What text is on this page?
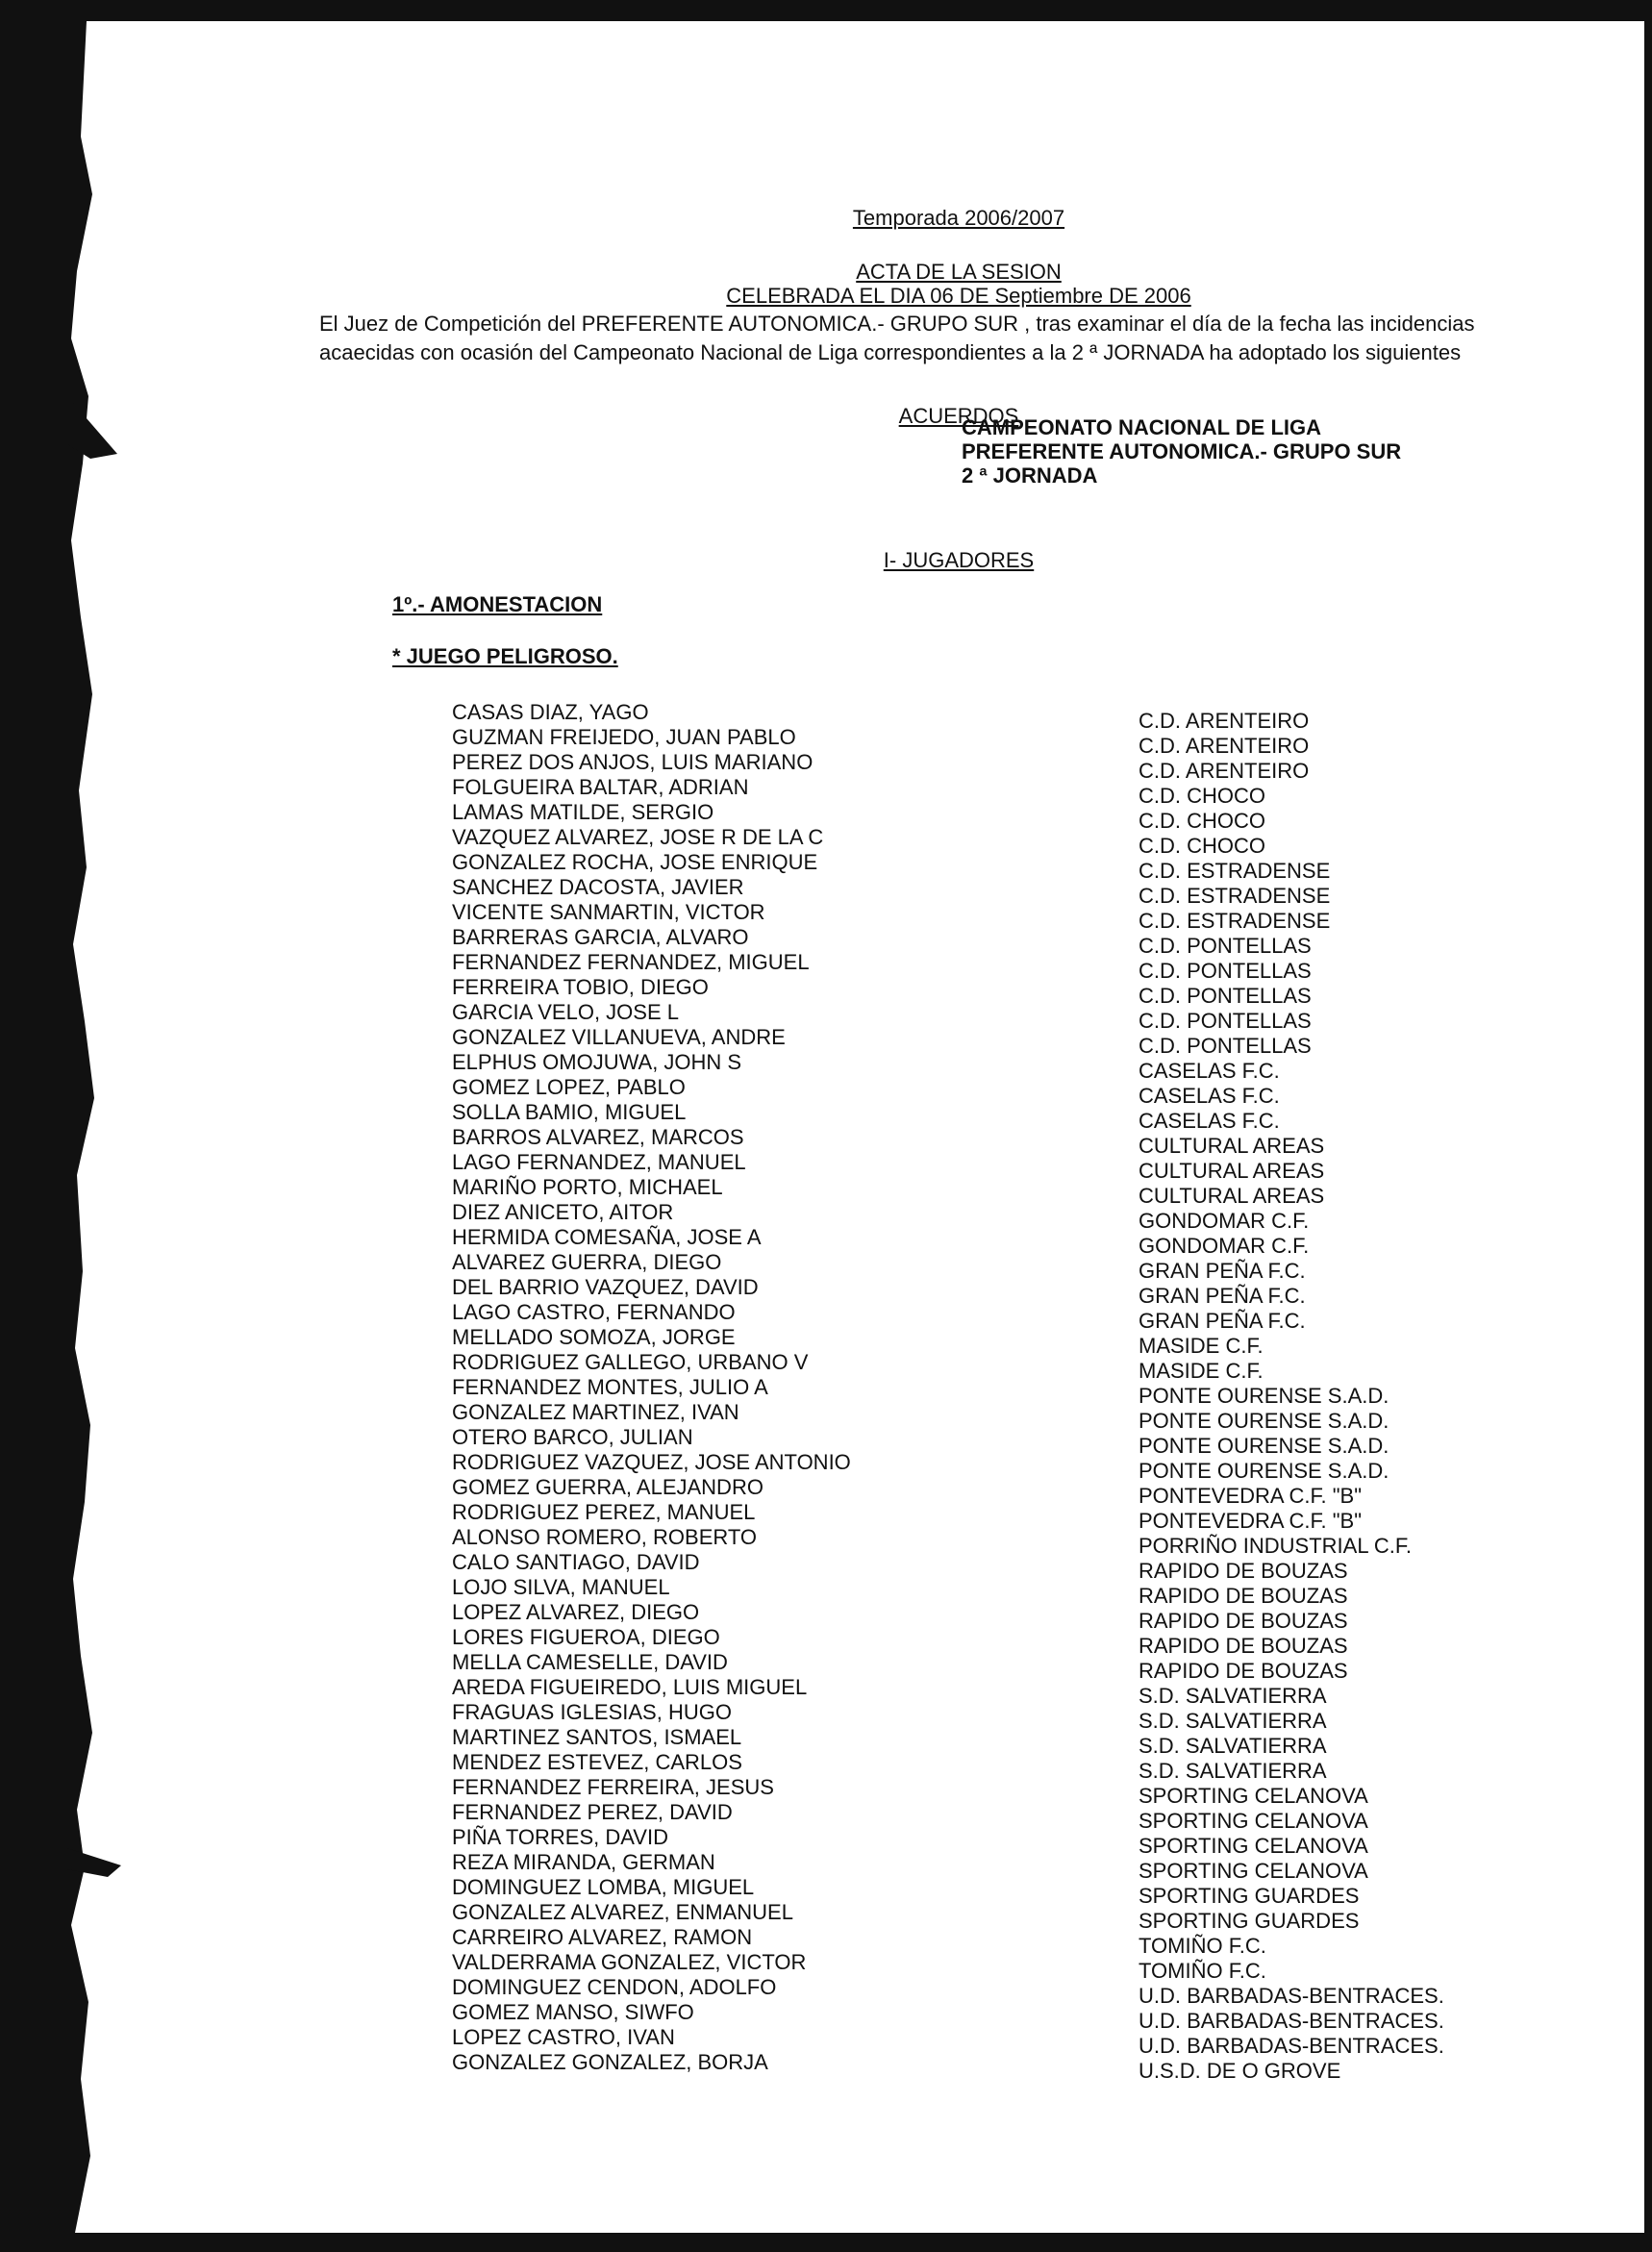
Temporada 2006/2007
ACTA DE LA SESION
CELEBRADA EL DIA 06 DE Septiembre DE 2006

El Juez de Competición del PREFERENTE AUTONOMICA.- GRUPO SUR , tras examinar el día de la fecha las incidencias

acaecidas con ocasión del Campeonato Nacional de Liga correspondientes a la 2 ª JORNADA ha adoptado los siguientes

ACUERDOS
CAMPEONATO NACIONAL DE LIGA
PREFERENTE AUTONOMICA.- GRUPO SUR
2 ª JORNADA
I- JUGADORES
1º.- AMONESTACION
* JUEGO PELIGROSO.
CASAS DIAZ, YAGO
GUZMAN FREIJEDO, JUAN PABLO
PEREZ DOS ANJOS, LUIS MARIANO
FOLGUEIRA BALTAR, ADRIAN
LAMAS MATILDE, SERGIO
VAZQUEZ ALVAREZ, JOSE R DE LA C
GONZALEZ ROCHA, JOSE ENRIQUE
SANCHEZ DACOSTA, JAVIER
VICENTE SANMARTIN, VICTOR
BARRERAS GARCIA, ALVARO
FERNANDEZ FERNANDEZ, MIGUEL
FERREIRA TOBIO, DIEGO
GARCIA VELO, JOSE L
GONZALEZ VILLANUEVA, ANDRE
ELPHUS OMOJUWA, JOHN S
GOMEZ LOPEZ, PABLO
SOLLA BAMIO, MIGUEL
BARROS ALVAREZ, MARCOS
LAGO FERNANDEZ, MANUEL
MARIÑO PORTO, MICHAEL
DIEZ ANICETO, AITOR
HERMIDA COMESAÑA, JOSE A
ALVAREZ GUERRA, DIEGO
DEL BARRIO VAZQUEZ, DAVID
LAGO CASTRO, FERNANDO
MELLADO SOMOZA, JORGE
RODRIGUEZ GALLEGO, URBANO V
FERNANDEZ MONTES, JULIO A
GONZALEZ MARTINEZ, IVAN
OTERO BARCO, JULIAN
RODRIGUEZ VAZQUEZ, JOSE ANTONIO
GOMEZ GUERRA, ALEJANDRO
RODRIGUEZ PEREZ, MANUEL
ALONSO ROMERO, ROBERTO
CALO SANTIAGO, DAVID
LOJO SILVA, MANUEL
LOPEZ ALVAREZ, DIEGO
LORES FIGUEROA, DIEGO
MELLA CAMESELLE, DAVID
AREDA FIGUEIREDO, LUIS MIGUEL
FRAGUAS IGLESIAS, HUGO
MARTINEZ SANTOS, ISMAEL
MENDEZ ESTEVEZ, CARLOS
FERNANDEZ FERREIRA, JESUS
FERNANDEZ PEREZ, DAVID
PIÑA TORRES, DAVID
REZA MIRANDA, GERMAN
DOMINGUEZ LOMBA, MIGUEL
GONZALEZ ALVAREZ, ENMANUEL
CARREIRO ALVAREZ, RAMON
VALDERRAMA GONZALEZ, VICTOR
DOMINGUEZ CENDON, ADOLFO
GOMEZ MANSO, SIWFO
LOPEZ CASTRO, IVAN
GONZALEZ GONZALEZ, BORJA
C.D. ARENTEIRO
C.D. ARENTEIRO
C.D. ARENTEIRO
C.D. CHOCO
C.D. CHOCO
C.D. CHOCO
C.D. ESTRADENSE
C.D. ESTRADENSE
C.D. ESTRADENSE
C.D. PONTELLAS
C.D. PONTELLAS
C.D. PONTELLAS
C.D. PONTELLAS
C.D. PONTELLAS
CASELAS F.C.
CASELAS F.C.
CASELAS F.C.
CULTURAL AREAS
CULTURAL AREAS
CULTURAL AREAS
GONDOMAR C.F.
GONDOMAR C.F.
GRAN PEÑA F.C.
GRAN PEÑA F.C.
GRAN PEÑA F.C.
MASIDE C.F.
MASIDE C.F.
PONTE OURENSE S.A.D.
PONTE OURENSE S.A.D.
PONTE OURENSE S.A.D.
PONTE OURENSE S.A.D.
PONTEVEDRA C.F. "B"
PONTEVEDRA C.F. "B"
PORRIÑO INDUSTRIAL C.F.
RAPIDO DE BOUZAS
RAPIDO DE BOUZAS
RAPIDO DE BOUZAS
RAPIDO DE BOUZAS
RAPIDO DE BOUZAS
S.D. SALVATIERRA
S.D. SALVATIERRA
S.D. SALVATIERRA
S.D. SALVATIERRA
SPORTING CELANOVA
SPORTING CELANOVA
SPORTING CELANOVA
SPORTING CELANOVA
SPORTING GUARDES
SPORTING GUARDES
TOMIÑO F.C.
TOMIÑO F.C.
U.D. BARBADAS-BENTRACES.
U.D. BARBADAS-BENTRACES.
U.D. BARBADAS-BENTRACES.
U.S.D. DE O GROVE
